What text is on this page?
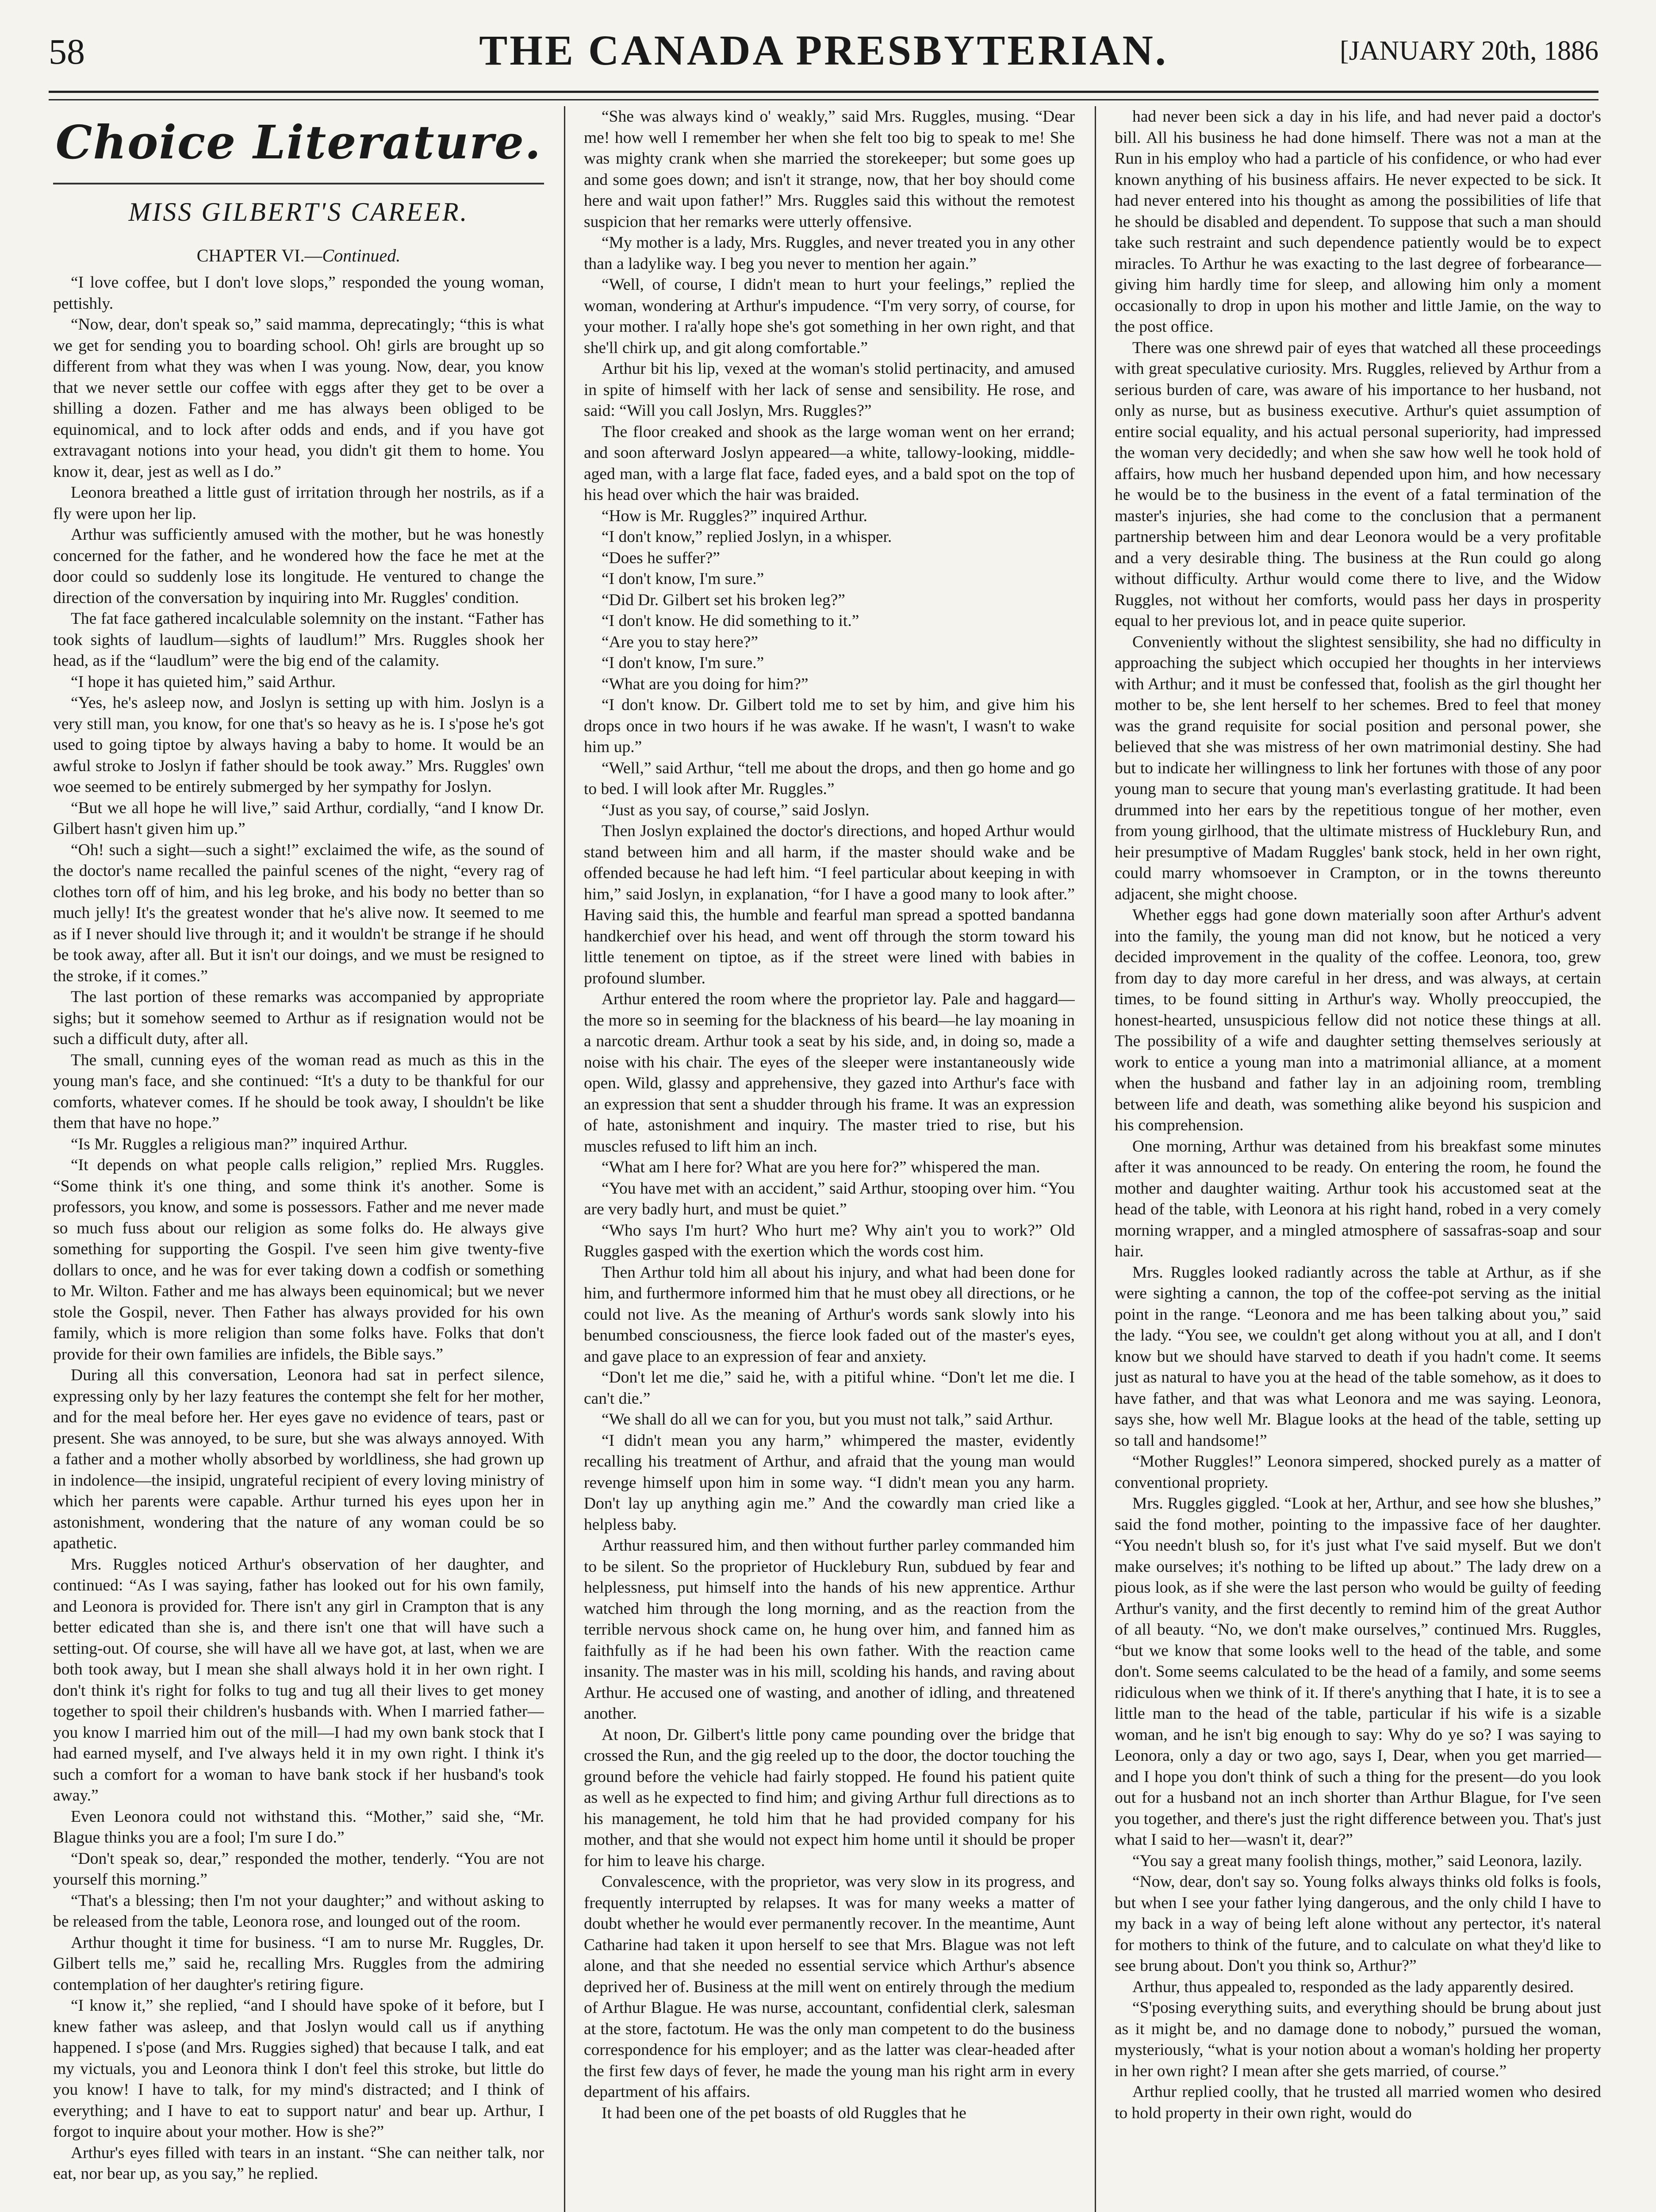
58	THE CANADA PRESBYTERIAN.	[JANUARY 20th, 1886
Choice Literature.
MISS GILBERT'S CAREER.
CHAPTER VI.—Continued.

“I love coffee, but I don't love slops,” responded the young woman, pettishly.

“Now, dear, don't speak so,” said mamma, deprecatingly; “this is what we get for sending you to boarding school. Oh! girls are brought up so different from what they was when I was young. Now, dear, you know that we never settle our coffee with eggs after they get to be over a shilling a dozen. Father and me has always been obliged to be equinomical, and to lock after odds and ends, and if you have got extravagant notions into your head, you didn't git them to home. You know it, dear, jest as well as I do.”

Leonora breathed a little gust of irritation through her nostrils, as if a fly were upon her lip.

Arthur was sufficiently amused with the mother, but he was honestly concerned for the father, and he wondered how the face he met at the door could so suddenly lose its longitude. He ventured to change the direction of the conversation by inquiring into Mr. Ruggles' condition.

The fat face gathered incalculable solemnity on the instant. “Father has took sights of laudlum—sights of laudlum!” Mrs. Ruggles shook her head, as if the “laudlum” were the big end of the calamity.

“I hope it has quieted him,” said Arthur.

“Yes, he's asleep now, and Joslyn is setting up with him. Joslyn is a very still man, you know, for one that's so heavy as he is. I s'pose he's got used to going tiptoe by always having a baby to home. It would be an awful stroke to Joslyn if father should be took away.” Mrs. Ruggles' own woe seemed to be entirely submerged by her sympathy for Joslyn.

“But we all hope he will live,” said Arthur, cordially, “and I know Dr. Gilbert hasn't given him up.”

“Oh! such a sight—such a sight!” exclaimed the wife, as the sound of the doctor's name recalled the painful scenes of the night, “every rag of clothes torn off of him, and his leg broke, and his body no better than so much jelly! It's the greatest wonder that he's alive now. It seemed to me as if I never should live through it; and it wouldn't be strange if he should be took away, after all. But it isn't our doings, and we must be resigned to the stroke, if it comes.”

The last portion of these remarks was accompanied by appropriate sighs; but it somehow seemed to Arthur as if resignation would not be such a difficult duty, after all.

The small, cunning eyes of the woman read as much as this in the young man's face, and she continued: “It's a duty to be thankful for our comforts, whatever comes. If he should be took away, I shouldn't be like them that have no hope.”

“Is Mr. Ruggles a religious man?” inquired Arthur.

“It depends on what people calls religion,” replied Mrs. Ruggles. “Some think it's one thing, and some think it's another. Some is professors, you know, and some is possessors. Father and me never made so much fuss about our religion as some folks do. He always give something for supporting the Gospil. I've seen him give twenty-five dollars to once, and he was for ever taking down a codfish or something to Mr. Wilton. Father and me has always been equinomical; but we never stole the Gospil, never. Then Father has always provided for his own family, which is more religion than some folks have. Folks that don't provide for their own families are infidels, the Bible says.”

During all this conversation, Leonora had sat in perfect silence, expressing only by her lazy features the contempt she felt for her mother, and for the meal before her. Her eyes gave no evidence of tears, past or present. She was annoyed, to be sure, but she was always annoyed. With a father and a mother wholly absorbed by worldliness, she had grown up in indolence—the insipid, ungrateful recipient of every loving ministry of which her parents were capable. Arthur turned his eyes upon her in astonishment, wondering that the nature of any woman could be so apathetic.

Mrs. Ruggles noticed Arthur's observation of her daughter, and continued: “As I was saying, father has looked out for his own family, and Leonora is provided for. There isn't any girl in Crampton that is any better edicated than she is, and there isn't one that will have such a setting-out. Of course, she will have all we have got, at last, when we are both took away, but I mean she shall always hold it in her own right. I don't think it's right for folks to tug and tug all their lives to get money together to spoil their children's husbands with. When I married father—you know I married him out of the mill—I had my own bank stock that I had earned myself, and I've always held it in my own right. I think it's such a comfort for a woman to have bank stock if her husband's took away.”

Even Leonora could not withstand this. “Mother,” said she, “Mr. Blague thinks you are a fool; I'm sure I do.”

“Don't speak so, dear,” responded the mother, tenderly. “You are not yourself this morning.”

“That's a blessing; then I'm not your daughter;” and without asking to be released from the table, Leonora rose, and lounged out of the room.

Arthur thought it time for business. “I am to nurse Mr. Ruggles, Dr. Gilbert tells me,” said he, recalling Mrs. Ruggles from the admiring contemplation of her daughter's retiring figure.

“I know it,” she replied, “and I should have spoke of it before, but I knew father was asleep, and that Joslyn would call us if anything happened. I s'pose (and Mrs. Ruggies sighed) that because I talk, and eat my victuals, you and Leonora think I don't feel this stroke, but little do you know! I have to talk, for my mind's distracted; and I think of everything; and I have to eat to support natur' and bear up. Arthur, I forgot to inquire about your mother. How is she?”

Arthur's eyes filled with tears in an instant. “She can neither talk, nor eat, nor bear up, as you say,” he replied.

“She was always kind o' weakly,” said Mrs. Ruggles, musing. “Dear me! how well I remember her when she felt too big to speak to me! She was mighty crank when she married the storekeeper; but some goes up and some goes down; and isn't it strange, now, that her boy should come here and wait upon father!” Mrs. Ruggles said this without the remotest suspicion that her remarks were utterly offensive.

“My mother is a lady, Mrs. Ruggles, and never treated you in any other than a ladylike way. I beg you never to mention her again.”

“Well, of course, I didn't mean to hurt your feelings,” replied the woman, wondering at Arthur's impudence. “I'm very sorry, of course, for your mother. I ra'ally hope she's got something in her own right, and that she'll chirk up, and git along comfortable.”

Arthur bit his lip, vexed at the woman's stolid pertinacity, and amused in spite of himself with her lack of sense and sensibility. He rose, and said: “Will you call Joslyn, Mrs. Ruggles?”

The floor creaked and shook as the large woman went on her errand; and soon afterward Joslyn appeared—a white, tallowy-looking, middle-aged man, with a large flat face, faded eyes, and a bald spot on the top of his head over which the hair was braided.

“How is Mr. Ruggles?” inquired Arthur.

“I don't know,” replied Joslyn, in a whisper.

“Does he suffer?”

“I don't know, I'm sure.”

“Did Dr. Gilbert set his broken leg?”

“I don't know. He did something to it.”

“Are you to stay here?”

“I don't know, I'm sure.”

“What are you doing for him?”

“I don't know. Dr. Gilbert told me to set by him, and give him his drops once in two hours if he was awake. If he wasn't, I wasn't to wake him up.”

“Well,” said Arthur, “tell me about the drops, and then go home and go to bed. I will look after Mr. Ruggles.”

“Just as you say, of course,” said Joslyn.

Then Joslyn explained the doctor's directions, and hoped Arthur would stand between him and all harm, if the master should wake and be offended because he had left him. “I feel particular about keeping in with him,” said Joslyn, in explanation, “for I have a good many to look after.” Having said this, the humble and fearful man spread a spotted bandanna handkerchief over his head, and went off through the storm toward his little tenement on tiptoe, as if the street were lined with babies in profound slumber.

Arthur entered the room where the proprietor lay. Pale and haggard—the more so in seeming for the blackness of his beard—he lay moaning in a narcotic dream. Arthur took a seat by his side, and, in doing so, made a noise with his chair. The eyes of the sleeper were instantaneously wide open. Wild, glassy and apprehensive, they gazed into Arthur's face with an expression that sent a shudder through his frame. It was an expression of hate, astonishment and inquiry. The master tried to rise, but his muscles refused to lift him an inch.

“What am I here for? What are you here for?” whispered the man.

“You have met with an accident,” said Arthur, stooping over him. “You are very badly hurt, and must be quiet.”

“Who says I'm hurt? Who hurt me? Why ain't you to work?” Old Ruggles gasped with the exertion which the words cost him.

Then Arthur told him all about his injury, and what had been done for him, and furthermore informed him that he must obey all directions, or he could not live. As the meaning of Arthur's words sank slowly into his benumbed consciousness, the fierce look faded out of the master's eyes, and gave place to an expression of fear and anxiety.

“Don't let me die,” said he, with a pitiful whine. “Don't let me die. I can't die.”

“We shall do all we can for you, but you must not talk,” said Arthur.

“I didn't mean you any harm,” whimpered the master, evidently recalling his treatment of Arthur, and afraid that the young man would revenge himself upon him in some way. “I didn't mean you any harm. Don't lay up anything agin me.” And the cowardly man cried like a helpless baby.

Arthur reassured him, and then without further parley commanded him to be silent. So the proprietor of Hucklebury Run, subdued by fear and helplessness, put himself into the hands of his new apprentice. Arthur watched him through the long morning, and as the reaction from the terrible nervous shock came on, he hung over him, and fanned him as faithfully as if he had been his own father. With the reaction came insanity. The master was in his mill, scolding his hands, and raving about Arthur. He accused one of wasting, and another of idling, and threatened another.

At noon, Dr. Gilbert's little pony came pounding over the bridge that crossed the Run, and the gig reeled up to the door, the doctor touching the ground before the vehicle had fairly stopped. He found his patient quite as well as he expected to find him; and giving Arthur full directions as to his management, he told him that he had provided company for his mother, and that she would not expect him home until it should be proper for him to leave his charge.

Convalescence, with the proprietor, was very slow in its progress, and frequently interrupted by relapses. It was for many weeks a matter of doubt whether he would ever permanently recover. In the meantime, Aunt Catharine had taken it upon herself to see that Mrs. Blague was not left alone, and that she needed no essential service which Arthur's absence deprived her of. Business at the mill went on entirely through the medium of Arthur Blague. He was nurse, accountant, confidential clerk, salesman at the store, factotum. He was the only man competent to do the business correspondence for his employer; and as the latter was clear-headed after the first few days of fever, he made the young man his right arm in every department of his affairs.

It had been one of the pet boasts of old Ruggles that he

had never been sick a day in his life, and had never paid a doctor's bill. All his business he had done himself. There was not a man at the Run in his employ who had a particle of his confidence, or who had ever known anything of his business affairs. He never expected to be sick. It had never entered into his thought as among the possibilities of life that he should be disabled and dependent. To suppose that such a man should take such restraint and such dependence patiently would be to expect miracles. To Arthur he was exacting to the last degree of forbearance—giving him hardly time for sleep, and allowing him only a moment occasionally to drop in upon his mother and little Jamie, on the way to the post office.

There was one shrewd pair of eyes that watched all these proceedings with great speculative curiosity. Mrs. Ruggles, relieved by Arthur from a serious burden of care, was aware of his importance to her husband, not only as nurse, but as business executive. Arthur's quiet assumption of entire social equality, and his actual personal superiority, had impressed the woman very decidedly; and when she saw how well he took hold of affairs, how much her husband depended upon him, and how necessary he would be to the business in the event of a fatal termination of the master's injuries, she had come to the conclusion that a permanent partnership between him and dear Leonora would be a very profitable and a very desirable thing. The business at the Run could go along without difficulty. Arthur would come there to live, and the Widow Ruggles, not without her comforts, would pass her days in prosperity equal to her previous lot, and in peace quite superior.

Conveniently without the slightest sensibility, she had no difficulty in approaching the subject which occupied her thoughts in her interviews with Arthur; and it must be confessed that, foolish as the girl thought her mother to be, she lent herself to her schemes. Bred to feel that money was the grand requisite for social position and personal power, she believed that she was mistress of her own matrimonial destiny. She had but to indicate her willingness to link her fortunes with those of any poor young man to secure that young man's everlasting gratitude. It had been drummed into her ears by the repetitious tongue of her mother, even from young girlhood, that the ultimate mistress of Hucklebury Run, and heir presumptive of Madam Ruggles' bank stock, held in her own right, could marry whomsoever in Crampton, or in the towns thereunto adjacent, she might choose.

Whether eggs had gone down materially soon after Arthur's advent into the family, the young man did not know, but he noticed a very decided improvement in the quality of the coffee. Leonora, too, grew from day to day more careful in her dress, and was always, at certain times, to be found sitting in Arthur's way. Wholly preoccupied, the honest-hearted, unsuspicious fellow did not notice these things at all. The possibility of a wife and daughter setting themselves seriously at work to entice a young man into a matrimonial alliance, at a moment when the husband and father lay in an adjoining room, trembling between life and death, was something alike beyond his suspicion and his comprehension.

One morning, Arthur was detained from his breakfast some minutes after it was announced to be ready. On entering the room, he found the mother and daughter waiting. Arthur took his accustomed seat at the head of the table, with Leonora at his right hand, robed in a very comely morning wrapper, and a mingled atmosphere of sassafras-soap and sour hair.

Mrs. Ruggles looked radiantly across the table at Arthur, as if she were sighting a cannon, the top of the coffee-pot serving as the initial point in the range. “Leonora and me has been talking about you,” said the lady. “You see, we couldn't get along without you at all, and I don't know but we should have starved to death if you hadn't come. It seems just as natural to have you at the head of the table somehow, as it does to have father, and that was what Leonora and me was saying. Leonora, says she, how well Mr. Blague looks at the head of the table, setting up so tall and handsome!”

“Mother Ruggles!” Leonora simpered, shocked purely as a matter of conventional propriety.

Mrs. Ruggles giggled. “Look at her, Arthur, and see how she blushes,” said the fond mother, pointing to the impassive face of her daughter. “You needn't blush so, for it's just what I've said myself. But we don't make ourselves; it's nothing to be lifted up about.” The lady drew on a pious look, as if she were the last person who would be guilty of feeding Arthur's vanity, and the first decently to remind him of the great Author of all beauty. “No, we don't make ourselves,” continued Mrs. Ruggles, “but we know that some looks well to the head of the table, and some don't. Some seems calculated to be the head of a family, and some seems ridiculous when we think of it. If there's anything that I hate, it is to see a little man to the head of the table, particular if his wife is a sizable woman, and he isn't big enough to say: Why do ye so? I was saying to Leonora, only a day or two ago, says I, Dear, when you get married—and I hope you don't think of such a thing for the present—do you look out for a husband not an inch shorter than Arthur Blague, for I've seen you together, and there's just the right difference between you. That's just what I said to her—wasn't it, dear?”

“You say a great many foolish things, mother,” said Leonora, lazily.

“Now, dear, don't say so. Young folks always thinks old folks is fools, but when I see your father lying dangerous, and the only child I have to my back in a way of being left alone without any pertector, it's nateral for mothers to think of the future, and to calculate on what they'd like to see brung about. Don't you think so, Arthur?”

Arthur, thus appealed to, responded as the lady apparently desired.

“S'posing everything suits, and everything should be brung about just as it might be, and no damage done to nobody,” pursued the woman, mysteriously, “what is your notion about a woman's holding her property in her own right? I mean after she gets married, of course.”

Arthur replied coolly, that he trusted all married women who desired to hold property in their own right, would do
